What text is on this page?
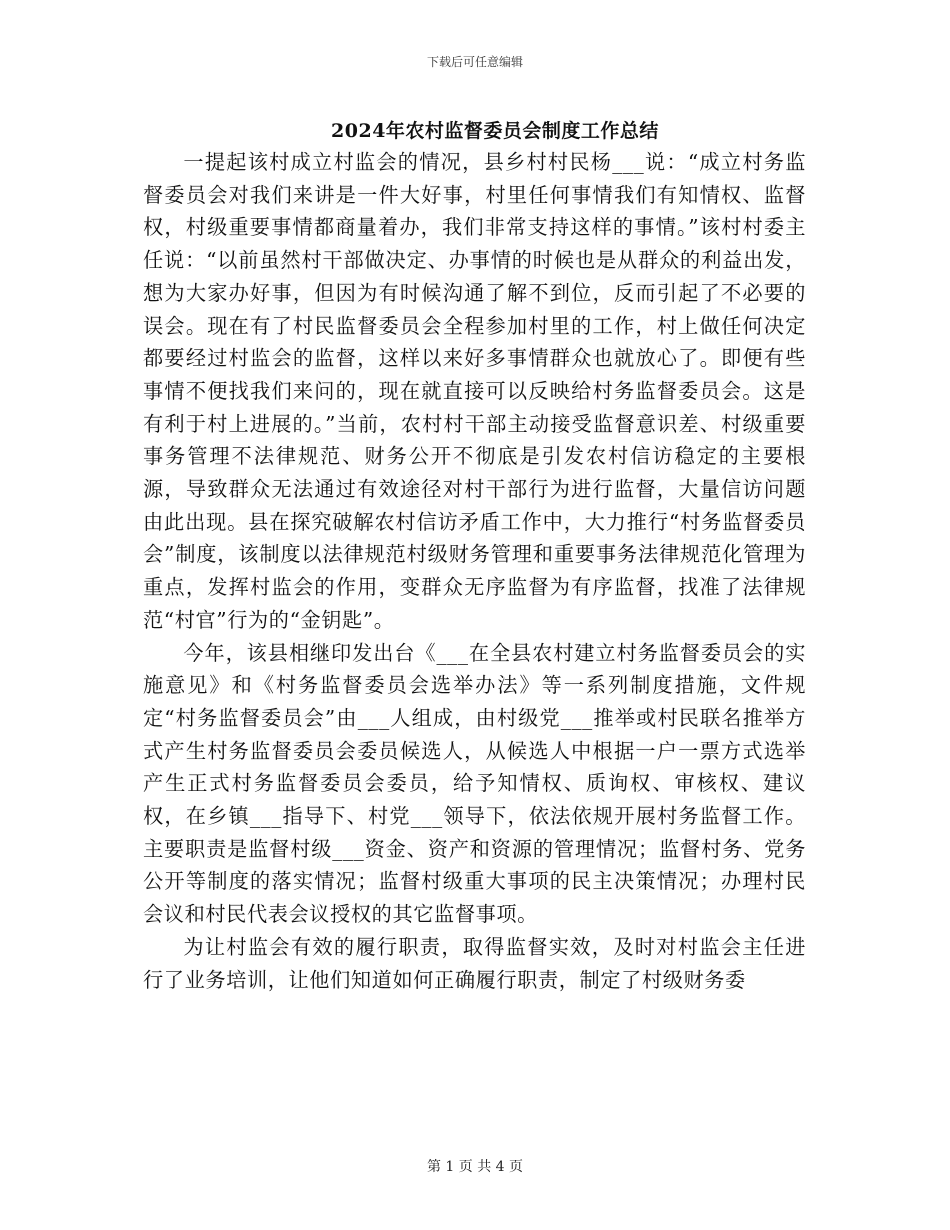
下载后可任意编辑
2024年农村监督委员会制度工作总结

一提起该村成立村监会的情况，县乡村村民杨___说：“成立村务监督委员会对我们来讲是一件大好事，村里任何事情我们有知情权、监督权，村级重要事情都商量着办，我们非常支持这样的事情。”该村村委主任说：“以前虽然村干部做决定、办事情的时候也是从群众的利益出发，想为大家办好事，但因为有时候沟通了解不到位，反而引起了不必要的误会。现在有了村民监督委员会全程参加村里的工作，村上做任何决定都要经过村监会的监督，这样以来好多事情群众也就放心了。即便有些事情不便找我们来问的，现在就直接可以反映给村务监督委员会。这是有利于村上进展的。”当前，农村村干部主动接受监督意识差、村级重要事务管理不法律规范、财务公开不彻底是引发农村信访稳定的主要根源，导致群众无法通过有效途径对村干部行为进行监督，大量信访问题由此出现。县在探究破解农村信访矛盾工作中，大力推行“村务监督委员会”制度，该制度以法律规范村级财务管理和重要事务法律规范化管理为重点，发挥村监会的作用，变群众无序监督为有序监督，找准了法律规范“村官”行为的“金钥匙”。

今年，该县相继印发出台《___在全县农村建立村务监督委员会的实施意见》和《村务监督委员会选举办法》等一系列制度措施，文件规定“村务监督委员会”由___人组成，由村级党___推举或村民联名推举方式产生村务监督委员会委员候选人，从候选人中根据一户一票方式选举产生正式村务监督委员会委员，给予知情权、质询权、审核权、建议权，在乡镇___指导下、村党___领导下，依法依规开展村务监督工作。主要职责是监督村级___资金、资产和资源的管理情况；监督村务、党务公开等制度的落实情况；监督村级重大事项的民主决策情况；办理村民会议和村民代表会议授权的其它监督事项。

为让村监会有效的履行职责，取得监督实效，及时对村监会主任进行了业务培训，让他们知道如何正确履行职责，制定了村级财务委

第 1 页 共 4 页
